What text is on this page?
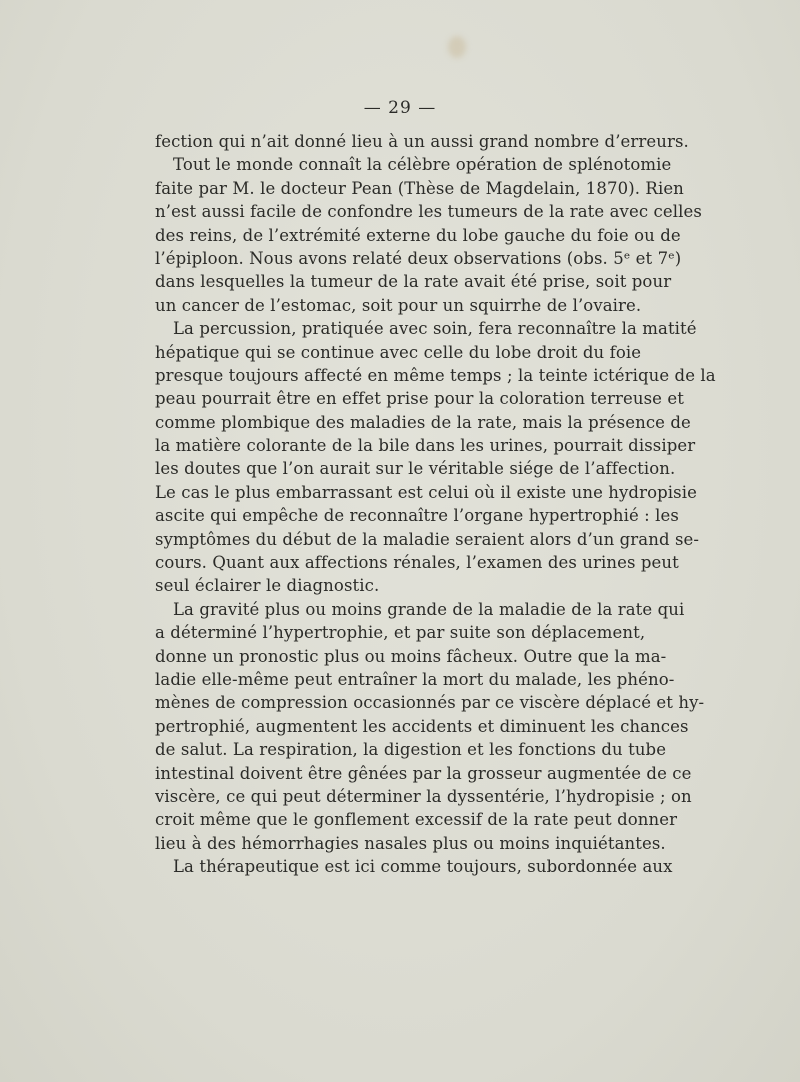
— 29 —
fection qui n’ait donné lieu à un aussi grand nombre d’erreurs.
Tout le monde connaît la célèbre opération de splénotomie
faite par M. le docteur Pean (Thèse de Magdelain, 1870). Rien
n’est aussi facile de confondre les tumeurs de la rate avec celles
des reins, de l’extrémité externe du lobe gauche du foie ou de
l’épiploon. Nous avons relaté deux observations (obs. 5ᵉ et 7ᵉ)
dans lesquelles la tumeur de la rate avait été prise, soit pour
un cancer de l’estomac, soit pour un squirrhe de l’ovaire.
La percussion, pratiquée avec soin, fera reconnaître la matité
hépatique qui se continue avec celle du lobe droit du foie
presque toujours affecté en même temps ; la teinte ictérique de la
peau pourrait être en effet prise pour la coloration terreuse et
comme plombique des maladies de la rate, mais la présence de
la matière colorante de la bile dans les urines, pourrait dissiper
les doutes que l’on aurait sur le véritable siége de l’affection.
Le cas le plus embarrassant est celui où il existe une hydropisie
ascite qui empêche de reconnaître l’organe hypertrophié : les
symptômes du début de la maladie seraient alors d’un grand se-
cours. Quant aux affections rénales, l’examen des urines peut
seul éclairer le diagnostic.
La gravité plus ou moins grande de la maladie de la rate qui
a déterminé l’hypertrophie, et par suite son déplacement,
donne un pronostic plus ou moins fâcheux. Outre que la ma-
ladie elle-même peut entraîner la mort du malade, les phéno-
mènes de compression occasionnés par ce viscère déplacé et hy-
pertrophié, augmentent les accidents et diminuent les chances
de salut. La respiration, la digestion et les fonctions du tube
intestinal doivent être gênées par la grosseur augmentée de ce
viscère, ce qui peut déterminer la dyssentérie, l’hydropisie ; on
croit même que le gonflement excessif de la rate peut donner
lieu à des hémorrhagies nasales plus ou moins inquiétantes.
La thérapeutique est ici comme toujours, subordonnée aux
